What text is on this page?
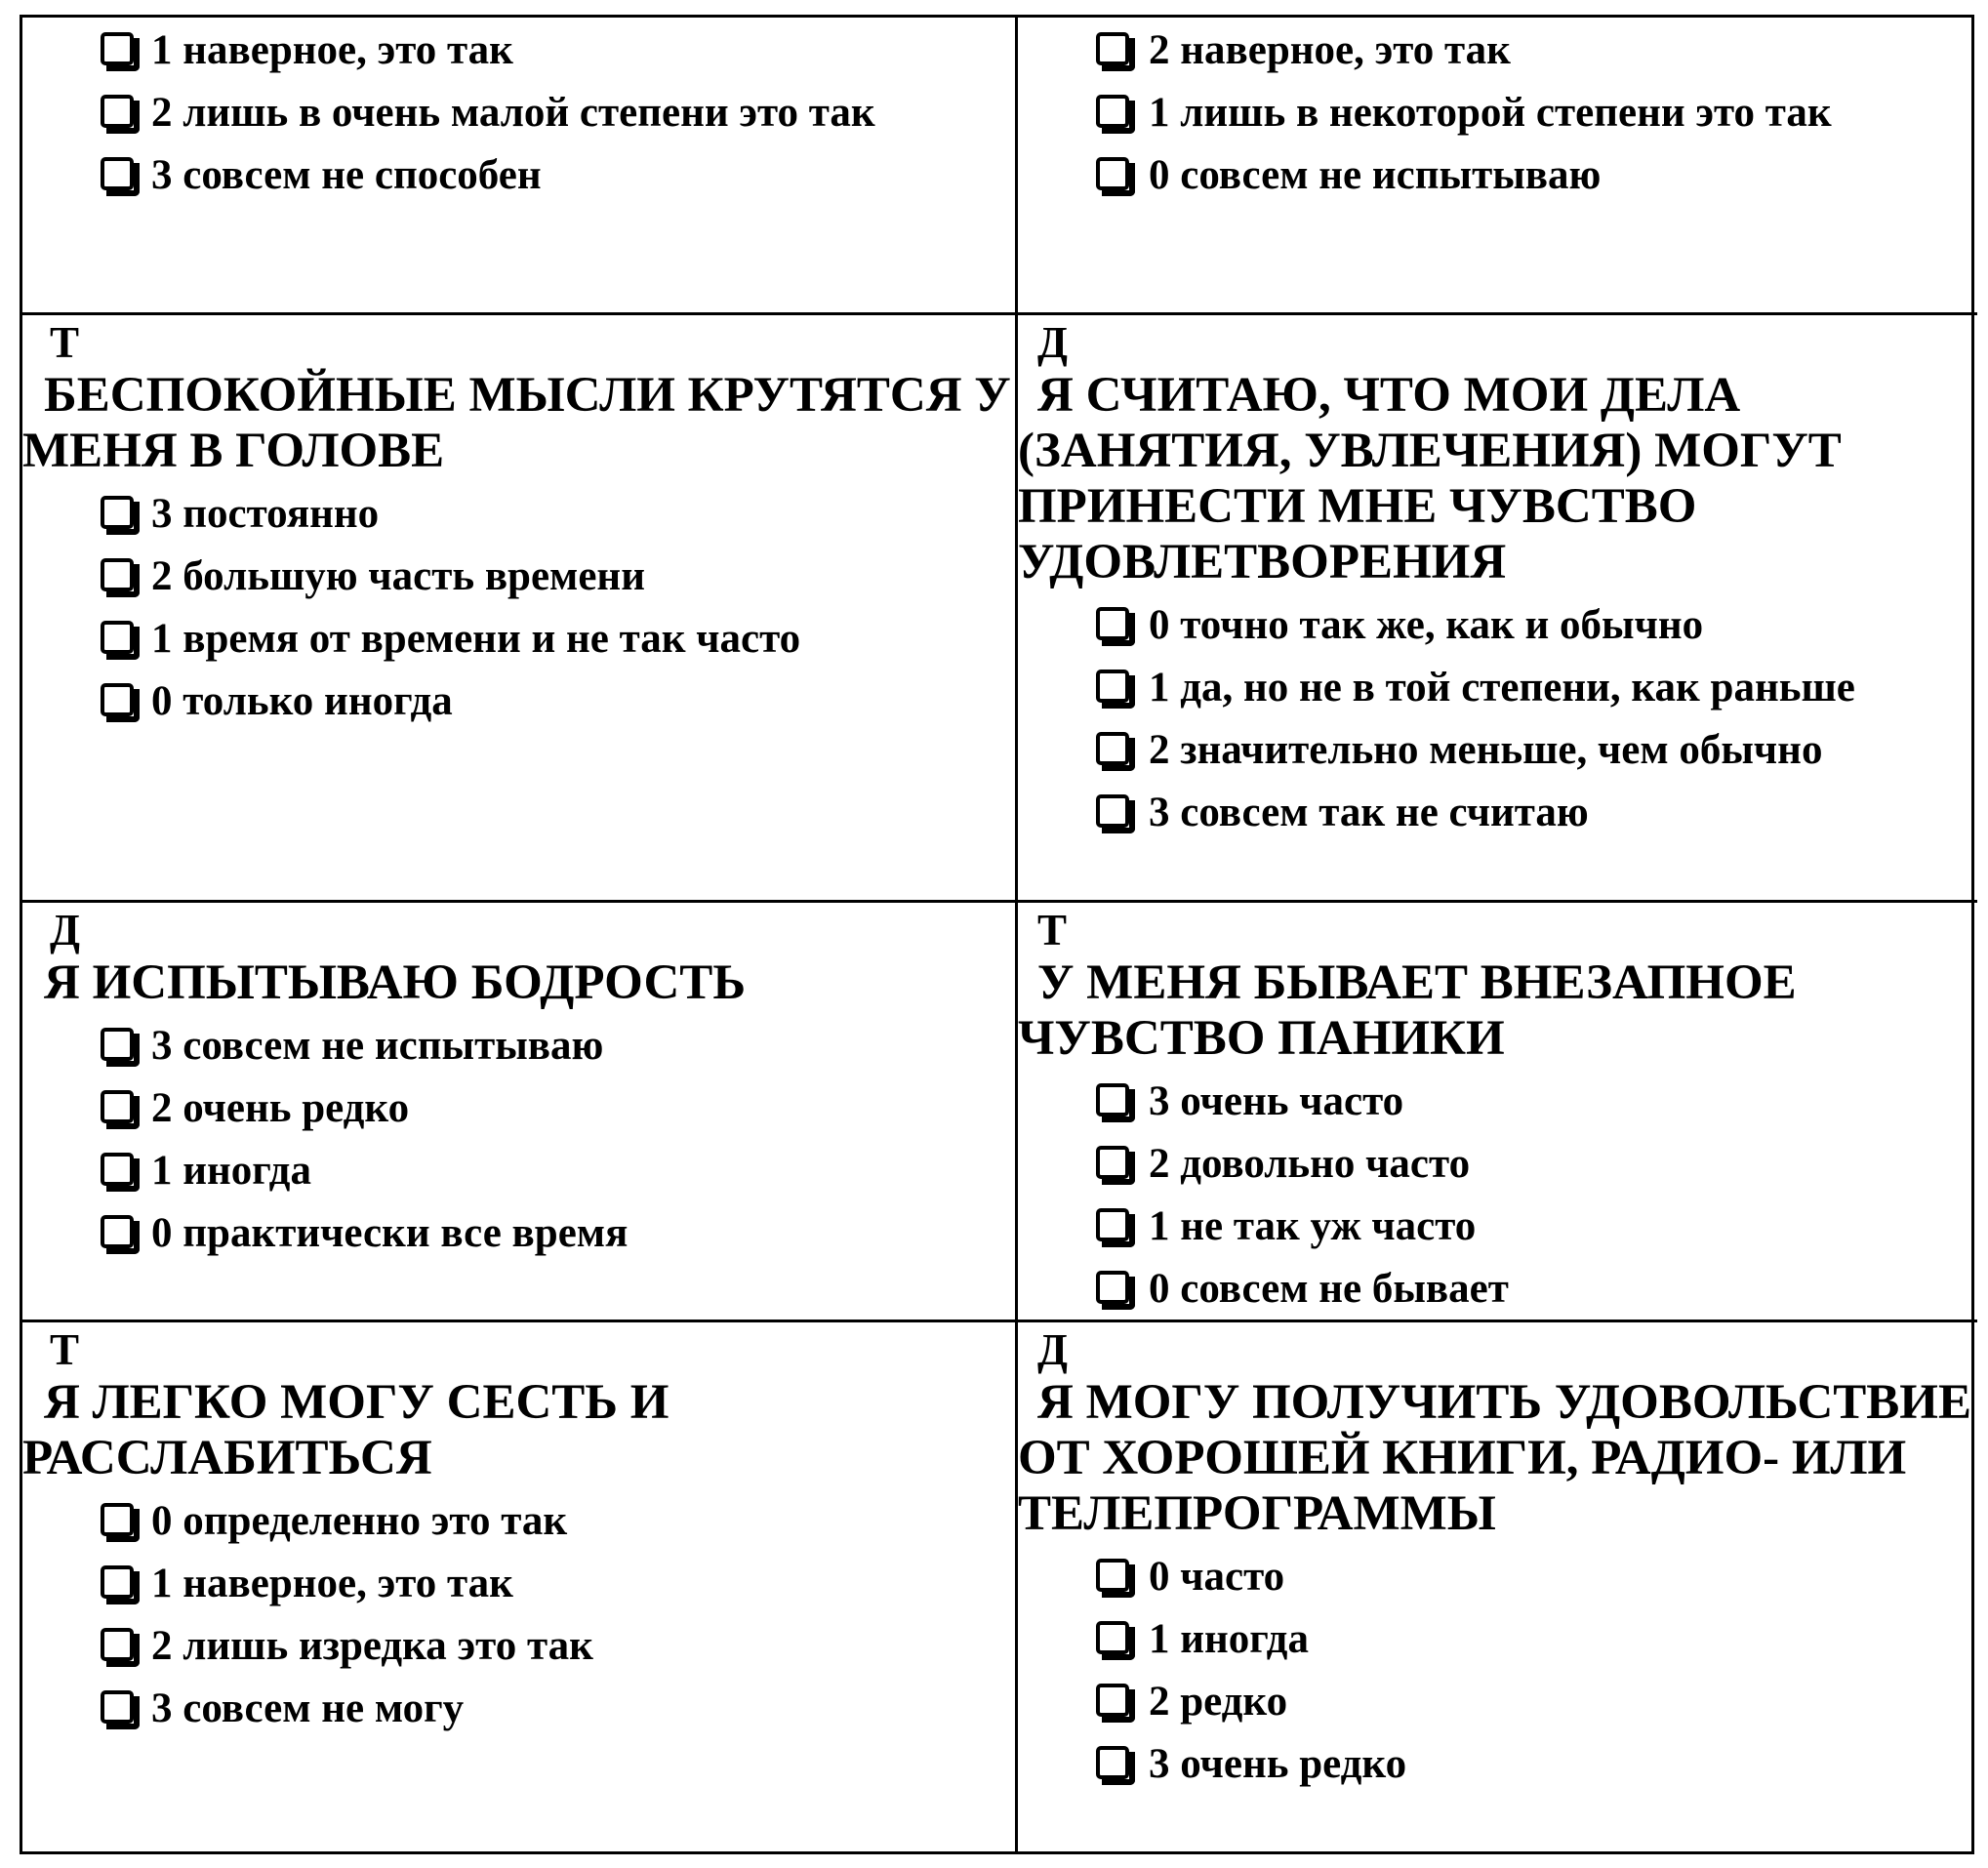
1 наверное, это так
2 лишь в очень малой степени это так
3 совсем не способен
2 наверное, это так
1 лишь в некоторой степени это так
0 совсем не испытываю
Т
БЕСПОКОЙНЫЕ МЫСЛИ КРУТЯТСЯ У МЕНЯ В ГОЛОВЕ
3 постоянно
2 большую часть времени
1 время от времени и не так часто
0 только иногда
Д
Я СЧИТАЮ, ЧТО МОИ ДЕЛА (ЗАНЯТИЯ, УВЛЕЧЕНИЯ) МОГУТ ПРИНЕСТИ МНЕ ЧУВСТВО УДОВЛЕТВОРЕНИЯ
0 точно так же, как и обычно
1 да, но не в той степени, как раньше
2 значительно меньше, чем обычно
3 совсем так не считаю
Д
Я ИСПЫТЫВАЮ БОДРОСТЬ
3 совсем не испытываю
2 очень редко
1 иногда
0 практически все время
Т
У МЕНЯ БЫВАЕТ ВНЕЗАПНОЕ ЧУВСТВО ПАНИКИ
3 очень часто
2 довольно часто
1 не так уж часто
0 совсем не бывает
Т
Я ЛЕГКО МОГУ СЕСТЬ И РАССЛАБИТЬСЯ
0 определенно это так
1 наверное, это так
2 лишь изредка это так
3 совсем не могу
Д
Я МОГУ ПОЛУЧИТЬ УДОВОЛЬСТВИЕ ОТ ХОРОШЕЙ КНИГИ, РАДИО- ИЛИ ТЕЛЕПРОГРАММЫ
0 часто
1 иногда
2 редко
3 очень редко
